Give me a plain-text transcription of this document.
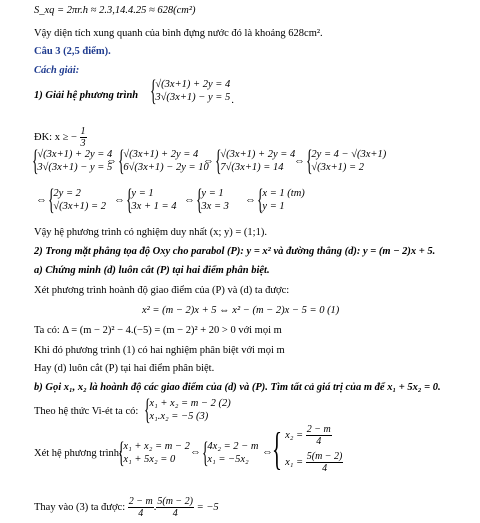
S_xq = 2πr.h ≈ 2.3,14.4.25 ≈ 628(cm²)
Vậy diện tích xung quanh của bình đựng nước đó là khoảng 628cm².
Câu 3 (2,5 điểm).
Cách giải:
1) Giải hệ phương trình {
√(3x+1) + 2y = 4
3√(3x+1) − y = 5 .
ĐK: x ≥ − $\frac{1}{3}$
{
√(3x+1) + 2y = 4
3√(3x+1) − y = 5
⇔ {
√(3x+1) + 2y = 4
6√(3x+1) − 2y = 10
⇔ {
√(3x+1) + 2y = 4
7√(3x+1) = 14
⇔ {
2y = 4 − √(3x+1)
√(3x+1) = 2
⇔ {
2y = 2
√(3x+1) = 2
⇔ {
y = 1
3x + 1 = 4
⇔ {
y = 1
3x = 3
⇔ {
x = 1 (tm)
y = 1
Vậy hệ phương trình có nghiệm duy nhất (x; y) = (1;1).
2) Trong mặt phẳng tọa độ Oxy cho parabol (P): y = x² và đường thẳng (d): y = (m − 2)x + 5.
a) Chứng minh (d) luôn cắt (P) tại hai điểm phân biệt.
Xét phương trình hoành độ giao điểm của (P) và (d) ta được:
x² = (m − 2)x + 5 ⇔ x² − (m − 2)x − 5 = 0 (1)
Ta có: Δ = (m − 2)² − 4.(−5) = (m − 2)² + 20 > 0 với mọi m
Khi đó phương trình (1) có hai nghiệm phân biệt với mọi m
Hay (d) luôn cắt (P) tại hai điểm phân biệt.
b) Gọi x₁, x₂ là hoành độ các giao điểm của (d) và (P). Tìm tất cả giá trị của m để x₁ + 5x₂ = 0.
Theo hệ thức Vi-ét ta có: {
x₁ + x₂ = m − 2 (2)
x₁.x₂ = −5 (3)
Xét hệ phương trình:
{
x₁ + x₂ = m − 2
x₁ + 5x₂ = 0
⇔ {
4x₂ = 2 − m
x₁ = −5x₂
⇔ { $x_2 = \frac{2 - m}{4}$
$x_1 = \frac{5(m - 2)}{4}$
Thay vào (3) ta được: $\frac{2 - m}{4}$ . $\frac{5(m - 2)}{4} = -5$
